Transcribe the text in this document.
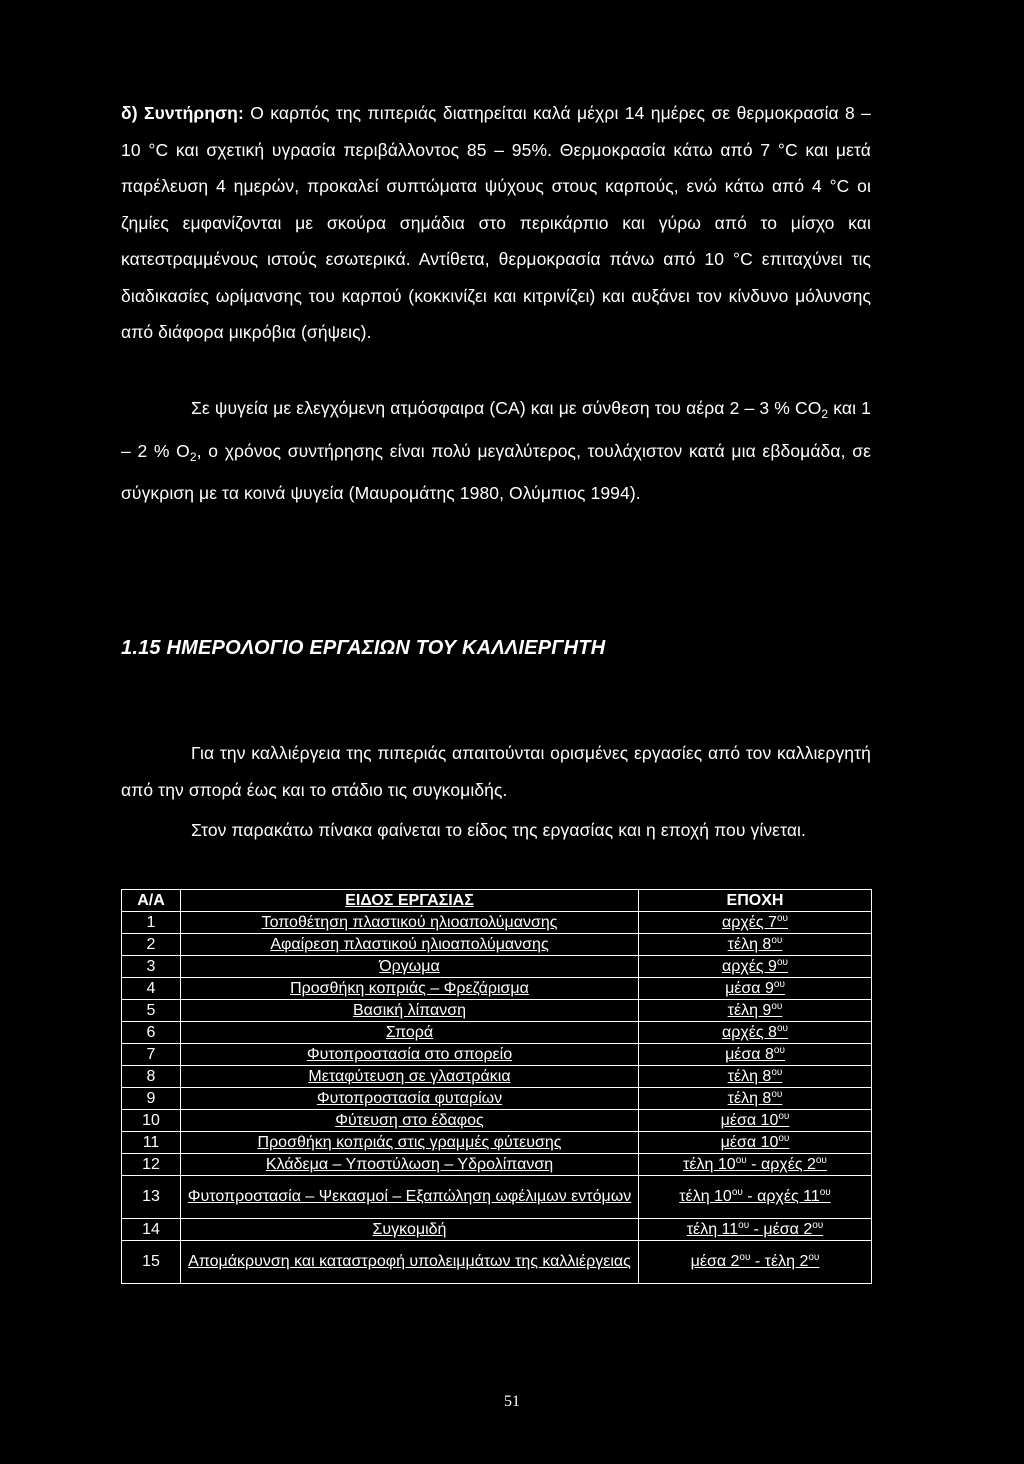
δ) Συντήρηση: Ο καρπός της πιπεριάς διατηρείται καλά μέχρι 14 ημέρες σε θερμοκρασία 8 – 10 °C και σχετική υγρασία περιβάλλοντος 85 – 95%. Θερμοκρασία κάτω από 7 °C και μετά παρέλευση 4 ημερών, προκαλεί συπτώματα ψύχους στους καρπούς, ενώ κάτω από 4 °C οι ζημίες εμφανίζονται με σκούρα σημάδια στο περικάρπιο και γύρω από το μίσχο και κατεστραμμένους ιστούς εσωτερικά. Αντίθετα, θερμοκρασία πάνω από 10 °C επιταχύνει τις διαδικασίες ωρίμανσης του καρπού (κοκκινίζει και κιτρινίζει) και αυξάνει τον κίνδυνο μόλυνσης από διάφορα μικρόβια (σήψεις).
Σε ψυγεία με ελεγχόμενη ατμόσφαιρα (CA) και με σύνθεση του αέρα 2 – 3 % $CO_2$ και 1 – 2 % $O_2$, ο χρόνος συντήρησης είναι πολύ μεγαλύτερος, τουλάχιστον κατά μια εβδομάδα, σε σύγκριση με τα κοινά ψυγεία (Μαυρομάτης 1980, Ολύμπιος 1994).
1.15 ΗΜΕΡΟΛΟΓΙΟ ΕΡΓΑΣΙΩΝ ΤΟΥ ΚΑΛΛΙΕΡΓΗΤΗ
Για την καλλιέργεια της πιπεριάς απαιτούνται ορισμένες εργασίες από τον καλλιεργητή από την σπορά έως και το στάδιο τις συγκομιδής.
Στον παρακάτω πίνακα φαίνεται το είδος της εργασίας και η εποχή που γίνεται.
Α/Α	ΕΙΔΟΣ ΕΡΓΑΣΙΑΣ	ΕΠΟΧΗ
1	Τοποθέτηση πλαστικού ηλιοαπολύμανσης	αρχές $7^{o\upsilon}$
2	Αφαίρεση πλαστικού ηλιοαπολύμανσης	τέλη $8^{o\upsilon}$
3	Όργωμα	αρχές $9^{o\upsilon}$
4	Προσθήκη κοπριάς – Φρεζάρισμα	μέσα $9^{o\upsilon}$
5	Βασική λίπανση	τέλη $9^{o\upsilon}$
6	Σπορά	αρχές $8^{o\upsilon}$
7	Φυτοπροστασία στο σπορείο	μέσα $8^{o\upsilon}$
8	Μεταφύτευση σε γλαστράκια	τέλη $8^{o\upsilon}$
9	Φυτοπροστασία φυταρίων	τέλη $8^{o\upsilon}$
10	Φύτευση στο έδαφος	μέσα $10^{o\upsilon}$
11	Προσθήκη κοπριάς στις γραμμές φύτευσης	μέσα $10^{o\upsilon}$
12	Κλάδεμα – Υποστύλωση – Υδρολίπανση	τέλη $10^{o\upsilon}$ - αρχές $2^{o\upsilon}$
13	Φυτοπροστασία – Ψεκασμοί – Εξαπώληση ωφέλιμων εντόμων	τέλη $10^{o\upsilon}$ - αρχές $11^{o\upsilon}$
14	Συγκομιδή	τέλη $11^{o\upsilon}$ - μέσα $2^{o\upsilon}$
15	Απομάκρυνση και καταστροφή υπολειμμάτων της καλλιέργειας	μέσα $2^{o\upsilon}$ - τέλη $2^{o\upsilon}$
51
